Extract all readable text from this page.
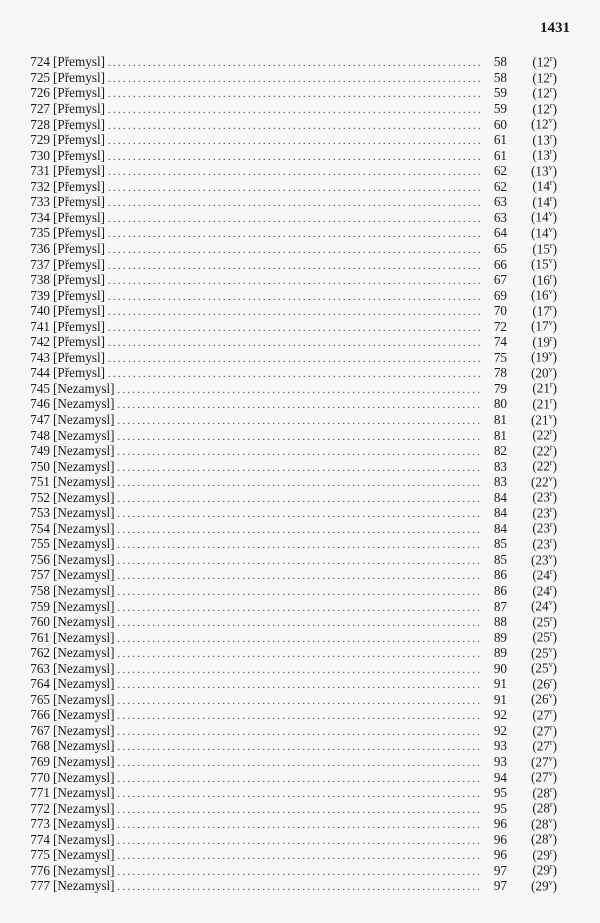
1431
724 [Přemysl] . . .	58	(12$^r$)
725 [Přemysl] . . .	58	(12$^r$)
726 [Přemysl] . . .	59	(12$^r$)
727 [Přemysl] . . .	59	(12$^r$)
728 [Přemysl] . . .	60	(12$^v$)
729 [Přemysl] . . .	61	(13$^r$)
730 [Přemysl] . . .	61	(13$^r$)
731 [Přemysl] . . .	62	(13$^v$)
732 [Přemysl] . . .	62	(14$^r$)
733 [Přemysl] . . .	63	(14$^r$)
734 [Přemysl] . . .	63	(14$^v$)
735 [Přemysl] . . .	64	(14$^v$)
736 [Přemysl] . . .	65	(15$^r$)
737 [Přemysl] . . .	66	(15$^v$)
738 [Přemysl] . . .	67	(16$^r$)
739 [Přemysl] . . .	69	(16$^v$)
740 [Přemysl] . . .	70	(17$^r$)
741 [Přemysl] . . .	72	(17$^v$)
742 [Přemysl] . . .	74	(19$^r$)
743 [Přemysl] . . .	75	(19$^v$)
744 [Přemysl] . . .	78	(20$^v$)
745 [Nezamysl] . . .	79	(21$^r$)
746 [Nezamysl] . . .	80	(21$^r$)
747 [Nezamysl] . . .	81	(21$^v$)
748 [Nezamysl] . . .	81	(22$^r$)
749 [Nezamysl] . . .	82	(22$^r$)
750 [Nezamysl] . . .	83	(22$^r$)
751 [Nezamysl] . . .	83	(22$^v$)
752 [Nezamysl] . . .	84	(23$^r$)
753 [Nezamysl] . . .	84	(23$^r$)
754 [Nezamysl] . . .	84	(23$^r$)
755 [Nezamysl] . . .	85	(23$^r$)
756 [Nezamysl] . . .	85	(23$^v$)
757 [Nezamysl] . . .	86	(24$^r$)
758 [Nezamysl] . . .	86	(24$^r$)
759 [Nezamysl] . . .	87	(24$^v$)
760 [Nezamysl] . . .	88	(25$^r$)
761 [Nezamysl] . . .	89	(25$^r$)
762 [Nezamysl] . . .	89	(25$^v$)
763 [Nezamysl] . . .	90	(25$^v$)
764 [Nezamysl] . . .	91	(26$^r$)
765 [Nezamysl] . . .	91	(26$^v$)
766 [Nezamysl] . . .	92	(27$^r$)
767 [Nezamysl] . . .	92	(27$^r$)
768 [Nezamysl] . . .	93	(27$^r$)
769 [Nezamysl] . . .	93	(27$^v$)
770 [Nezamysl] . . .	94	(27$^v$)
771 [Nezamysl] . . .	95	(28$^r$)
772 [Nezamysl] . . .	95	(28$^r$)
773 [Nezamysl] . . .	96	(28$^v$)
774 [Nezamysl] . . .	96	(28$^v$)
775 [Nezamysl] . . .	96	(29$^r$)
776 [Nezamysl] . . .	97	(29$^r$)
777 [Nezamysl] . . .	97	(29$^v$)
